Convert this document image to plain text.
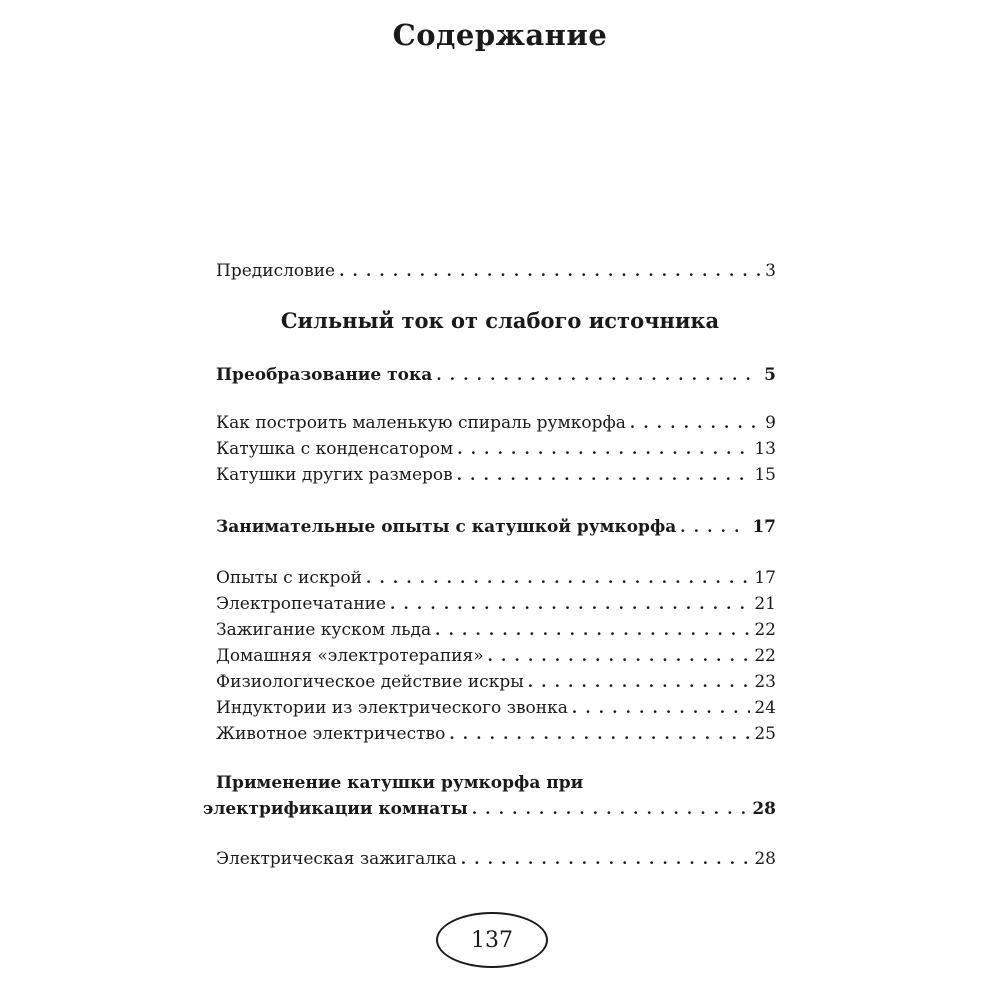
Содержание
Предисловие . . .	3
Сильный ток от слабого источника
Преобразование тока . . .	5
Как построить маленькую спираль румкорфа . . .	9
Катушка с конденсатором . . .	13
Катушки других размеров . . .	15
Занимательные опыты с катушкой румкорфа . . .	17
Опыты с искрой . . .	17
Электропечатание . . .	21
Зажигание куском льда . . .	22
Домашняя «электротерапия» . . .	22
Физиологическое действие искры . . .	23
Индуктории из электрического звонка . . .	24
Животное электричество . . .	25
Применение катушки румкорфа при
электрификации комнаты . . .	28
Электрическая зажигалка . . .	28
137
